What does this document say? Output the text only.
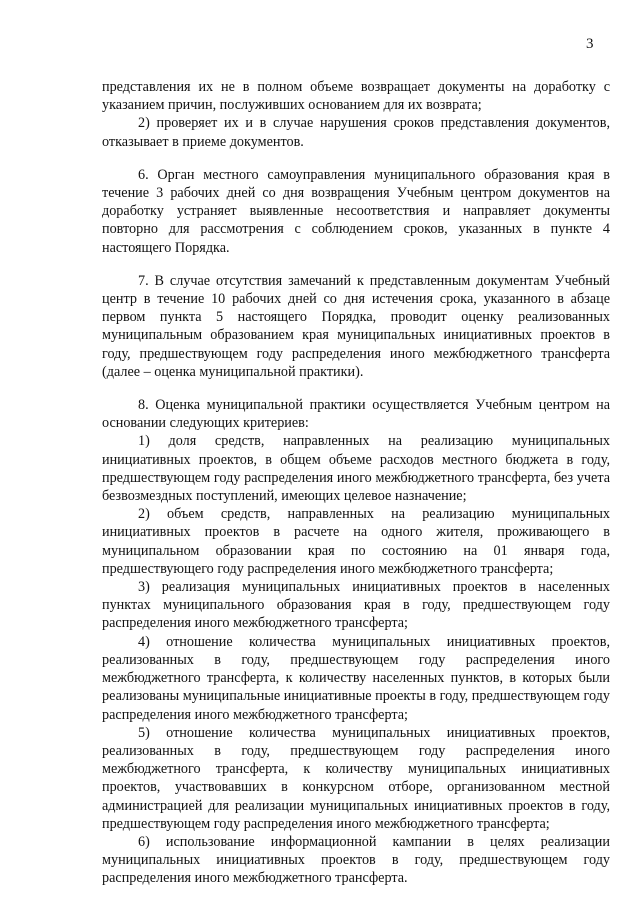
3

представления их не в полном объеме возвращает документы на доработку с указанием причин, послуживших основанием для их возврата;

2) проверяет их и в случае нарушения сроков представления документов, отказывает в приеме документов.

6. Орган местного самоуправления муниципального образования края в течение 3 рабочих дней со дня возвращения Учебным центром документов на доработку устраняет выявленные несоответствия и направляет документы повторно для рассмотрения с соблюдением сроков, указанных в пункте 4 настоящего Порядка.

7. В случае отсутствия замечаний к представленным документам Учебный центр в течение 10 рабочих дней со дня истечения срока, указанного в абзаце первом пункта 5 настоящего Порядка, проводит оценку реализованных муниципальным образованием края муниципальных инициативных проектов в году, предшествующем году распределения иного межбюджетного трансферта (далее – оценка муниципальной практики).

8. Оценка муниципальной практики осуществляется Учебным центром на основании следующих критериев:

1) доля средств, направленных на реализацию муниципальных инициативных проектов, в общем объеме расходов местного бюджета в году, предшествующем году распределения иного межбюджетного трансферта, без учета безвозмездных поступлений, имеющих целевое назначение;

2) объем средств, направленных на реализацию муниципальных инициативных проектов в расчете на одного жителя, проживающего в муниципальном образовании края по состоянию на 01 января года, предшествующего году распределения иного межбюджетного трансферта;

3) реализация муниципальных инициативных проектов в населенных пунктах муниципального образования края в году, предшествующем году распределения иного межбюджетного трансферта;

4) отношение количества муниципальных инициативных проектов, реализованных в году, предшествующем году распределения иного межбюджетного трансферта, к количеству населенных пунктов, в которых были реализованы муниципальные инициативные проекты в году, предшествующем году распределения иного межбюджетного трансферта;

5) отношение количества муниципальных инициативных проектов, реализованных в году, предшествующем году распределения иного межбюджетного трансферта, к количеству муниципальных инициативных проектов, участвовавших в конкурсном отборе, организованном местной администрацией для реализации муниципальных инициативных проектов в году, предшествующем году распределения иного межбюджетного трансферта;

6) использование информационной кампании в целях реализации муниципальных инициативных проектов в году, предшествующем году распределения иного межбюджетного трансферта.
